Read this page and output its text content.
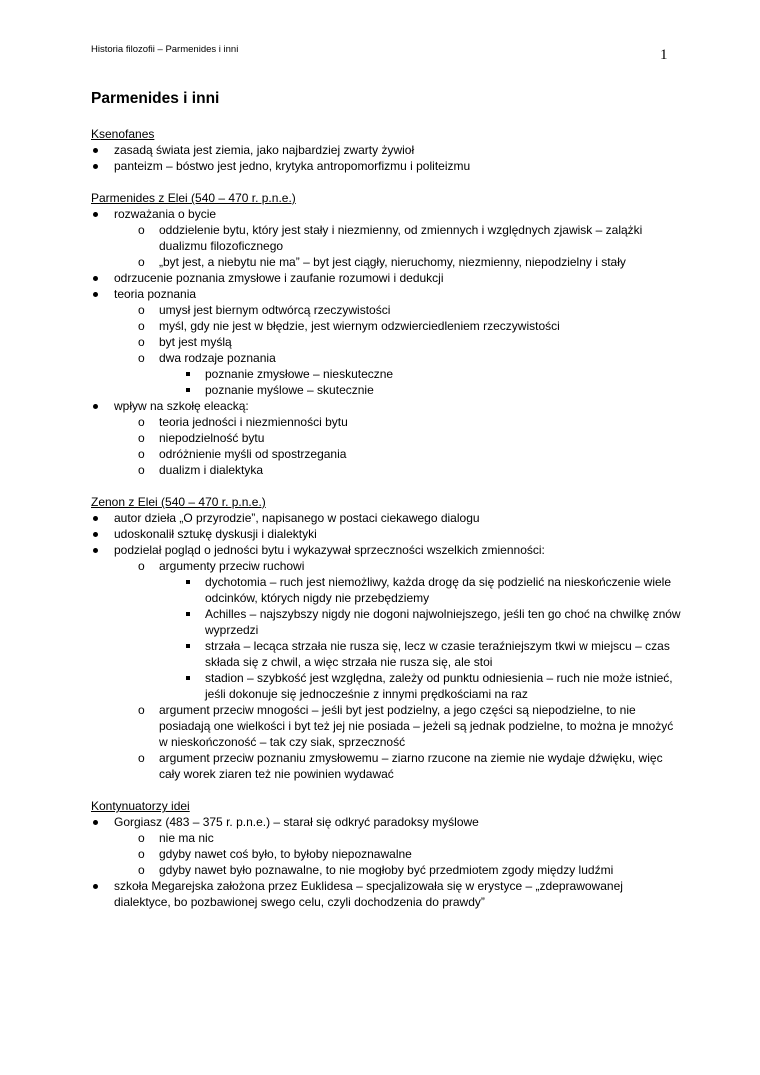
Historia filozofii – Parmenides i inni	1
Parmenides i inni
Ksenofanes
zasadą świata jest ziemia, jako najbardziej zwarty żywioł
panteizm – bóstwo jest jedno, krytyka antropomorfizmu i politeizmu
Parmenides z Elei (540 – 470 r. p.n.e.)
rozważania o bycie
o oddzielenie bytu, który jest stały i niezmienny, od zmiennych i względnych zjawisk – zalążki dualizmu filozoficznego
o „byt jest, a niebytu nie ma” – byt jest ciągły, nieruchomy, niezmienny, niepodzielny i stały
odrzucenie poznania zmysłowe i zaufanie rozumowi i dedukcji
teoria poznania
o umysł jest biernym odtwórcą rzeczywistości
o myśl, gdy nie jest w błędzie, jest wiernym odzwierciedleniem rzeczywistości
o byt jest myślą
o dwa rodzaje poznania
poznanie zmysłowe – nieskuteczne
poznanie myślowe – skutecznie
wpływ na szkołę eleacką:
o teoria jedności i niezmienności bytu
o niepodzielność bytu
o odróżnienie myśli od spostrzegania
o dualizm i dialektyka
Zenon z Elei (540 – 470 r. p.n.e.)
autor dzieła „O przyrodzie”, napisanego w postaci ciekawego dialogu
udoskonalił sztukę dyskusji i dialektyki
podzielał pogląd o jedności bytu i wykazywał sprzeczności wszelkich zmienności:
o argumenty przeciw ruchowi
dychotomia – ruch jest niemożliwy, każda drogę da się podzielić na nieskończenie wiele odcinków, których nigdy nie przebędziemy
Achilles – najszybszy nigdy nie dogoni najwolniejszego, jeśli ten go choć na chwilkę znów wyprzedzi
strzała – lecąca strzała nie rusza się, lecz w czasie teraźniejszym tkwi w miejscu – czas składa się z chwil, a więc strzała nie rusza się, ale stoi
stadion – szybkość jest względna, zależy od punktu odniesienia – ruch nie może istnieć, jeśli dokonuje się jednocześnie z innymi prędkościami na raz
o argument przeciw mnogości – jeśli byt jest podzielny, a jego części są niepodzielne, to nie posiadają one wielkości i byt też jej nie posiada – jeżeli są jednak podzielne, to można je mnożyć w nieskończoność – tak czy siak, sprzeczność
o argument przeciw poznaniu zmysłowemu – ziarno rzucone na ziemie nie wydaje dźwięku, więc cały worek ziaren też nie powinien wydawać
Kontynuatorzy idei
Gorgiasz (483 – 375 r. p.n.e.) – starał się odkryć paradoksy myślowe
o nie ma nic
o gdyby nawet coś było, to byłoby niepoznawalne
o gdyby nawet było poznawalne, to nie mogłoby być przedmiotem zgody między ludźmi
szkoła Megarejska założona przez Euklidesa – specjalizowała się w erystyce – „zdeprawowanej dialektyce, bo pozbawionej swego celu, czyli dochodzenia do prawdy”
